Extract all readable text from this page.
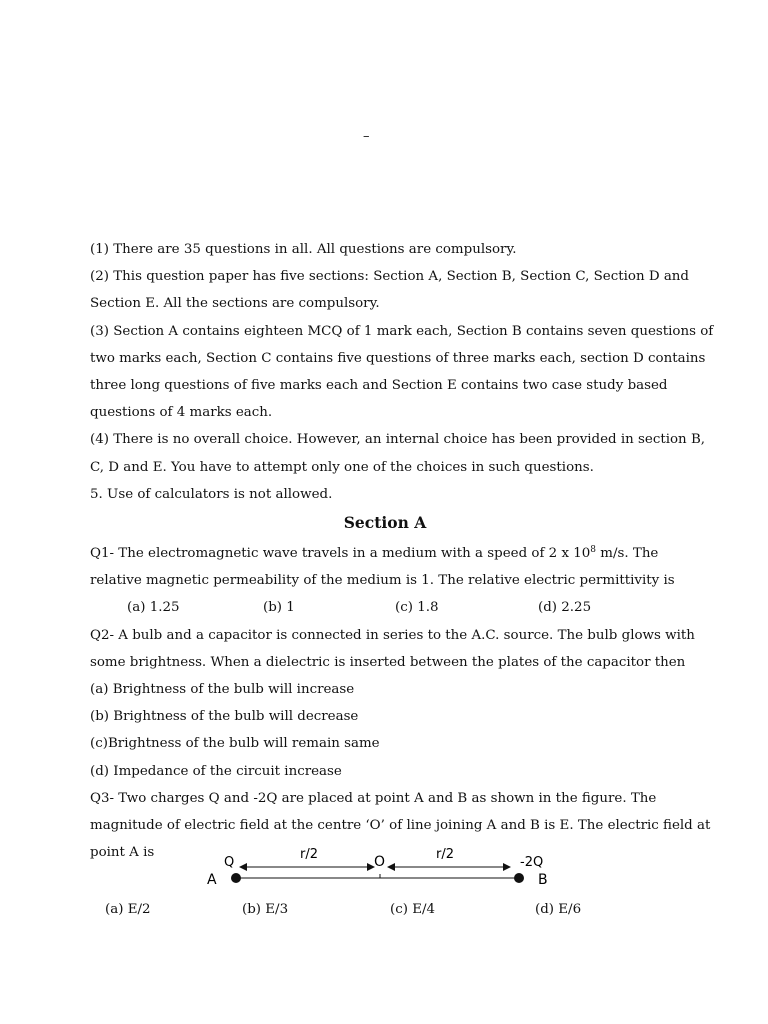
–
(1) There are 35 questions in all. All questions are compulsory.
(2) This question paper has five sections: Section A, Section B, Section C, Section D and
Section E. All the sections are compulsory.
(3) Section A contains eighteen MCQ of 1 mark each, Section B contains seven questions of
two marks each, Section C contains five questions of three marks each, section D contains
three long questions of five marks each and Section E contains two case study based
questions of 4 marks each.
(4) There is no overall choice. However, an internal choice has been provided in section B,
C, D and E. You have to attempt only one of the choices in such questions.
5. Use of calculators is not allowed.
Section A
Q1- The electromagnetic wave travels in a medium with a speed of 2 x $10^8$ m/s. The
relative magnetic permeability of the medium is 1. The relative electric permittivity is
(a) 1.25	(b) 1	(c) 1.8	(d) 2.25
Q2- A bulb and a capacitor is connected in series to the A.C. source. The bulb glows with
some brightness. When a dielectric is inserted between the plates of the capacitor then
(a) Brightness of the bulb will increase
(b) Brightness of the bulb will decrease
(c)Brightness of the bulb will remain same
(d) Impedance of the circuit increase
Q3- Two charges Q and -2Q are placed at point A and B as shown in the figure. The
magnitude of electric field at the centre ‘O’ of line joining A and B is E. The electric field at
point A is
Q
A
r/2	O	r/2
-2Q
B
(a) E/2	(b) E/3	(c) E/4	(d) E/6
